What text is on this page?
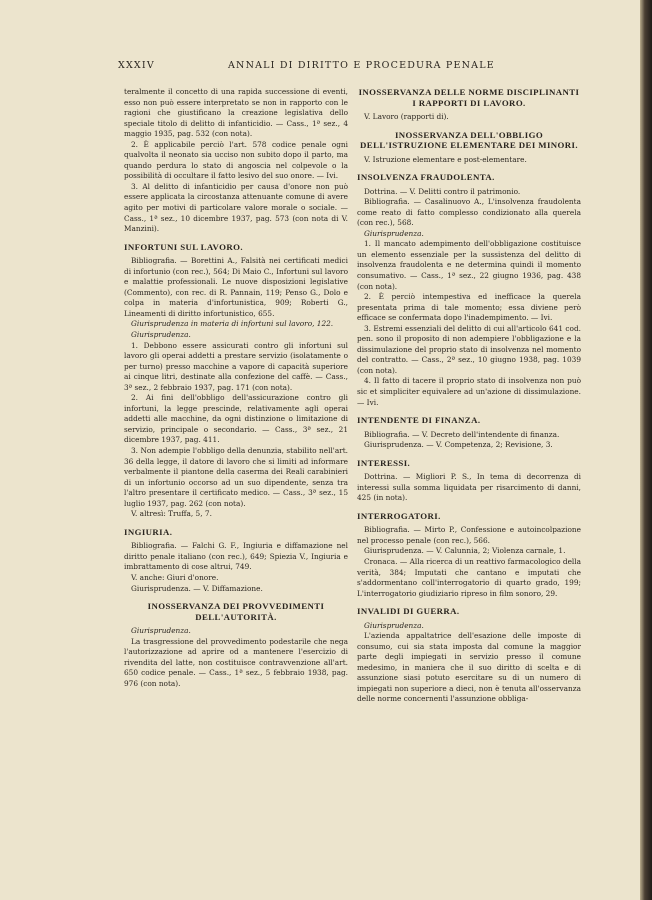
XXXIV	ANNALI DI DIRITTO E PROCEDURA PENALE

teralmente il concetto di una rapida successione di eventi, esso non può essere interpretato se non in rapporto con le ragioni che giustificano la creazione legislativa dello speciale titolo di delitto di infanticidio. — Cass., 1ª sez., 4 maggio 1935, pag. 532 (con nota).

2. È applicabile perciò l'art. 578 codice penale ogni qualvolta il neonato sia ucciso non subito dopo il parto, ma quando perdura lo stato di angoscia nel colpevole o la possibilità di occultare il fatto lesivo del suo onore. — Ivi.

3. Al delitto di infanticidio per causa d'onore non può essere applicata la circostanza attenuante comune di avere agito per motivi di particolare valore morale o sociale. — Cass., 1ª sez., 10 dicembre 1937, pag. 573 (con nota di V. Manzini).

INFORTUNI SUL LAVORO.

Bibliografia. — Borettini A., Falsità nei certificati medici di infortunio (con rec.), 564; Di Maio C., Infortuni sul lavoro e malattie professionali. Le nuove disposizioni legislative (Commento), con rec. di R. Pannain, 119; Penso G., Dolo e colpa in materia d'infortunistica, 909; Roberti G., Lineamenti di diritto infortunistico, 655.

Giurisprudenza in materia di infortuni sul lavoro, 122.

Giurisprudenza.

1. Debbono essere assicurati contro gli infortuni sul lavoro gli operai addetti a prestare servizio (isolatamente o per turno) presso macchine a vapore di capacità superiore ai cinque litri, destinate alla confezione del caffè. — Cass., 3ª sez., 2 febbraio 1937, pag. 171 (con nota).

2. Ai fini dell'obbligo dell'assicurazione contro gli infortuni, la legge prescinde, relativamente agli operai addetti alle macchine, da ogni distinzione o limitazione di servizio, principale o secondario. — Cass., 3ª sez., 21 dicembre 1937, pag. 411.

3. Non adempie l'obbligo della denunzia, stabilito nell'art. 36 della legge, il datore di lavoro che si limiti ad informare verbalmente il piantone della caserma dei Reali carabinieri di un infortunio occorso ad un suo dipendente, senza tra l'altro presentare il certificato medico. — Cass., 3ª sez., 15 luglio 1937, pag. 262 (con nota).

V. altresì: Truffa, 5, 7.

INGIURIA.

Bibliografia. — Falchi G. F., Ingiuria e diffamazione nel diritto penale italiano (con rec.), 649; Spiezia V., Ingiuria e imbrattamento di cose altrui, 749.

V. anche: Giuri d'onore.

Giurisprudenza. — V. Diffamazione.

INOSSERVANZA DEI PROVVEDIMENTI DELL'AUTORITÀ.

Giurisprudenza.

La trasgressione del provvedimento podestarile che nega l'autorizzazione ad aprire od a mantenere l'esercizio di rivendita del latte, non costituisce contravvenzione all'art. 650 codice penale. — Cass., 1ª sez., 5 febbraio 1938, pag. 976 (con nota).

INOSSERVANZA DELLE NORME DISCIPLINANTI I RAPPORTI DI LAVORO.

V. Lavoro (rapporti di).

INOSSERVANZA DELL'OBBLIGO DELL'ISTRUZIONE ELEMENTARE DEI MINORI.

V. Istruzione elementare e post-elementare.

INSOLVENZA FRAUDOLENTA.

Dottrina. — V. Delitti contro il patrimonio.

Bibliografia. — Casalinuovo A., L'insolvenza fraudolenta come reato di fatto complesso condizionato alla querela (con rec.), 568.

Giurisprudenza.

1. Il mancato adempimento dell'obbligazione costituisce un elemento essenziale per la sussistenza del delitto di insolvenza fraudolenta e ne determina quindi il momento consumativo. — Cass., 1ª sez., 22 giugno 1936, pag. 438 (con nota).

2. È perciò intempestiva ed inefficace la querela presentata prima di tale momento; essa diviene però efficace se confermata dopo l'inadempimento. — Ivi.

3. Estremi essenziali del delitto di cui all'articolo 641 cod. pen. sono il proposito di non adempiere l'obbligazione e la dissimulazione del proprio stato di insolvenza nel momento del contratto. — Cass., 2ª sez., 10 giugno 1938, pag. 1039 (con nota).

4. Il fatto di tacere il proprio stato di insolvenza non può sic et simpliciter equivalere ad un'azione di dissimulazione. — Ivi.

INTENDENTE DI FINANZA.

Bibliografia. — V. Decreto dell'intendente di finanza.

Giurisprudenza. — V. Competenza, 2; Revisione, 3.

INTERESSI.

Dottrina. — Migliori P. S., In tema di decorrenza di interessi sulla somma liquidata per risarcimento di danni, 425 (in nota).

INTERROGATORI.

Bibliografia. — Mirto P., Confessione e autoincolpazione nel processo penale (con rec.), 566.

Giurisprudenza. — V. Calunnia, 2; Violenza carnale, 1.

Cronaca. — Alla ricerca di un reattivo farmacologico della verità, 384; Imputati che cantano e imputati che s'addormentano coll'interrogatorio di quarto grado, 199; L'interrogatorio giudiziario ripreso in film sonoro, 29.

INVALIDI DI GUERRA.

Giurisprudenza.

L'azienda appaltatrice dell'esazione delle imposte di consumo, cui sia stata imposta dal comune la maggior parte degli impiegati in servizio presso il comune medesimo, in maniera che il suo diritto di scelta e di assunzione siasi potuto esercitare su di un numero di impiegati non superiore a dieci, non è tenuta all'osservanza delle norme concernenti l'assunzione obbliga-
